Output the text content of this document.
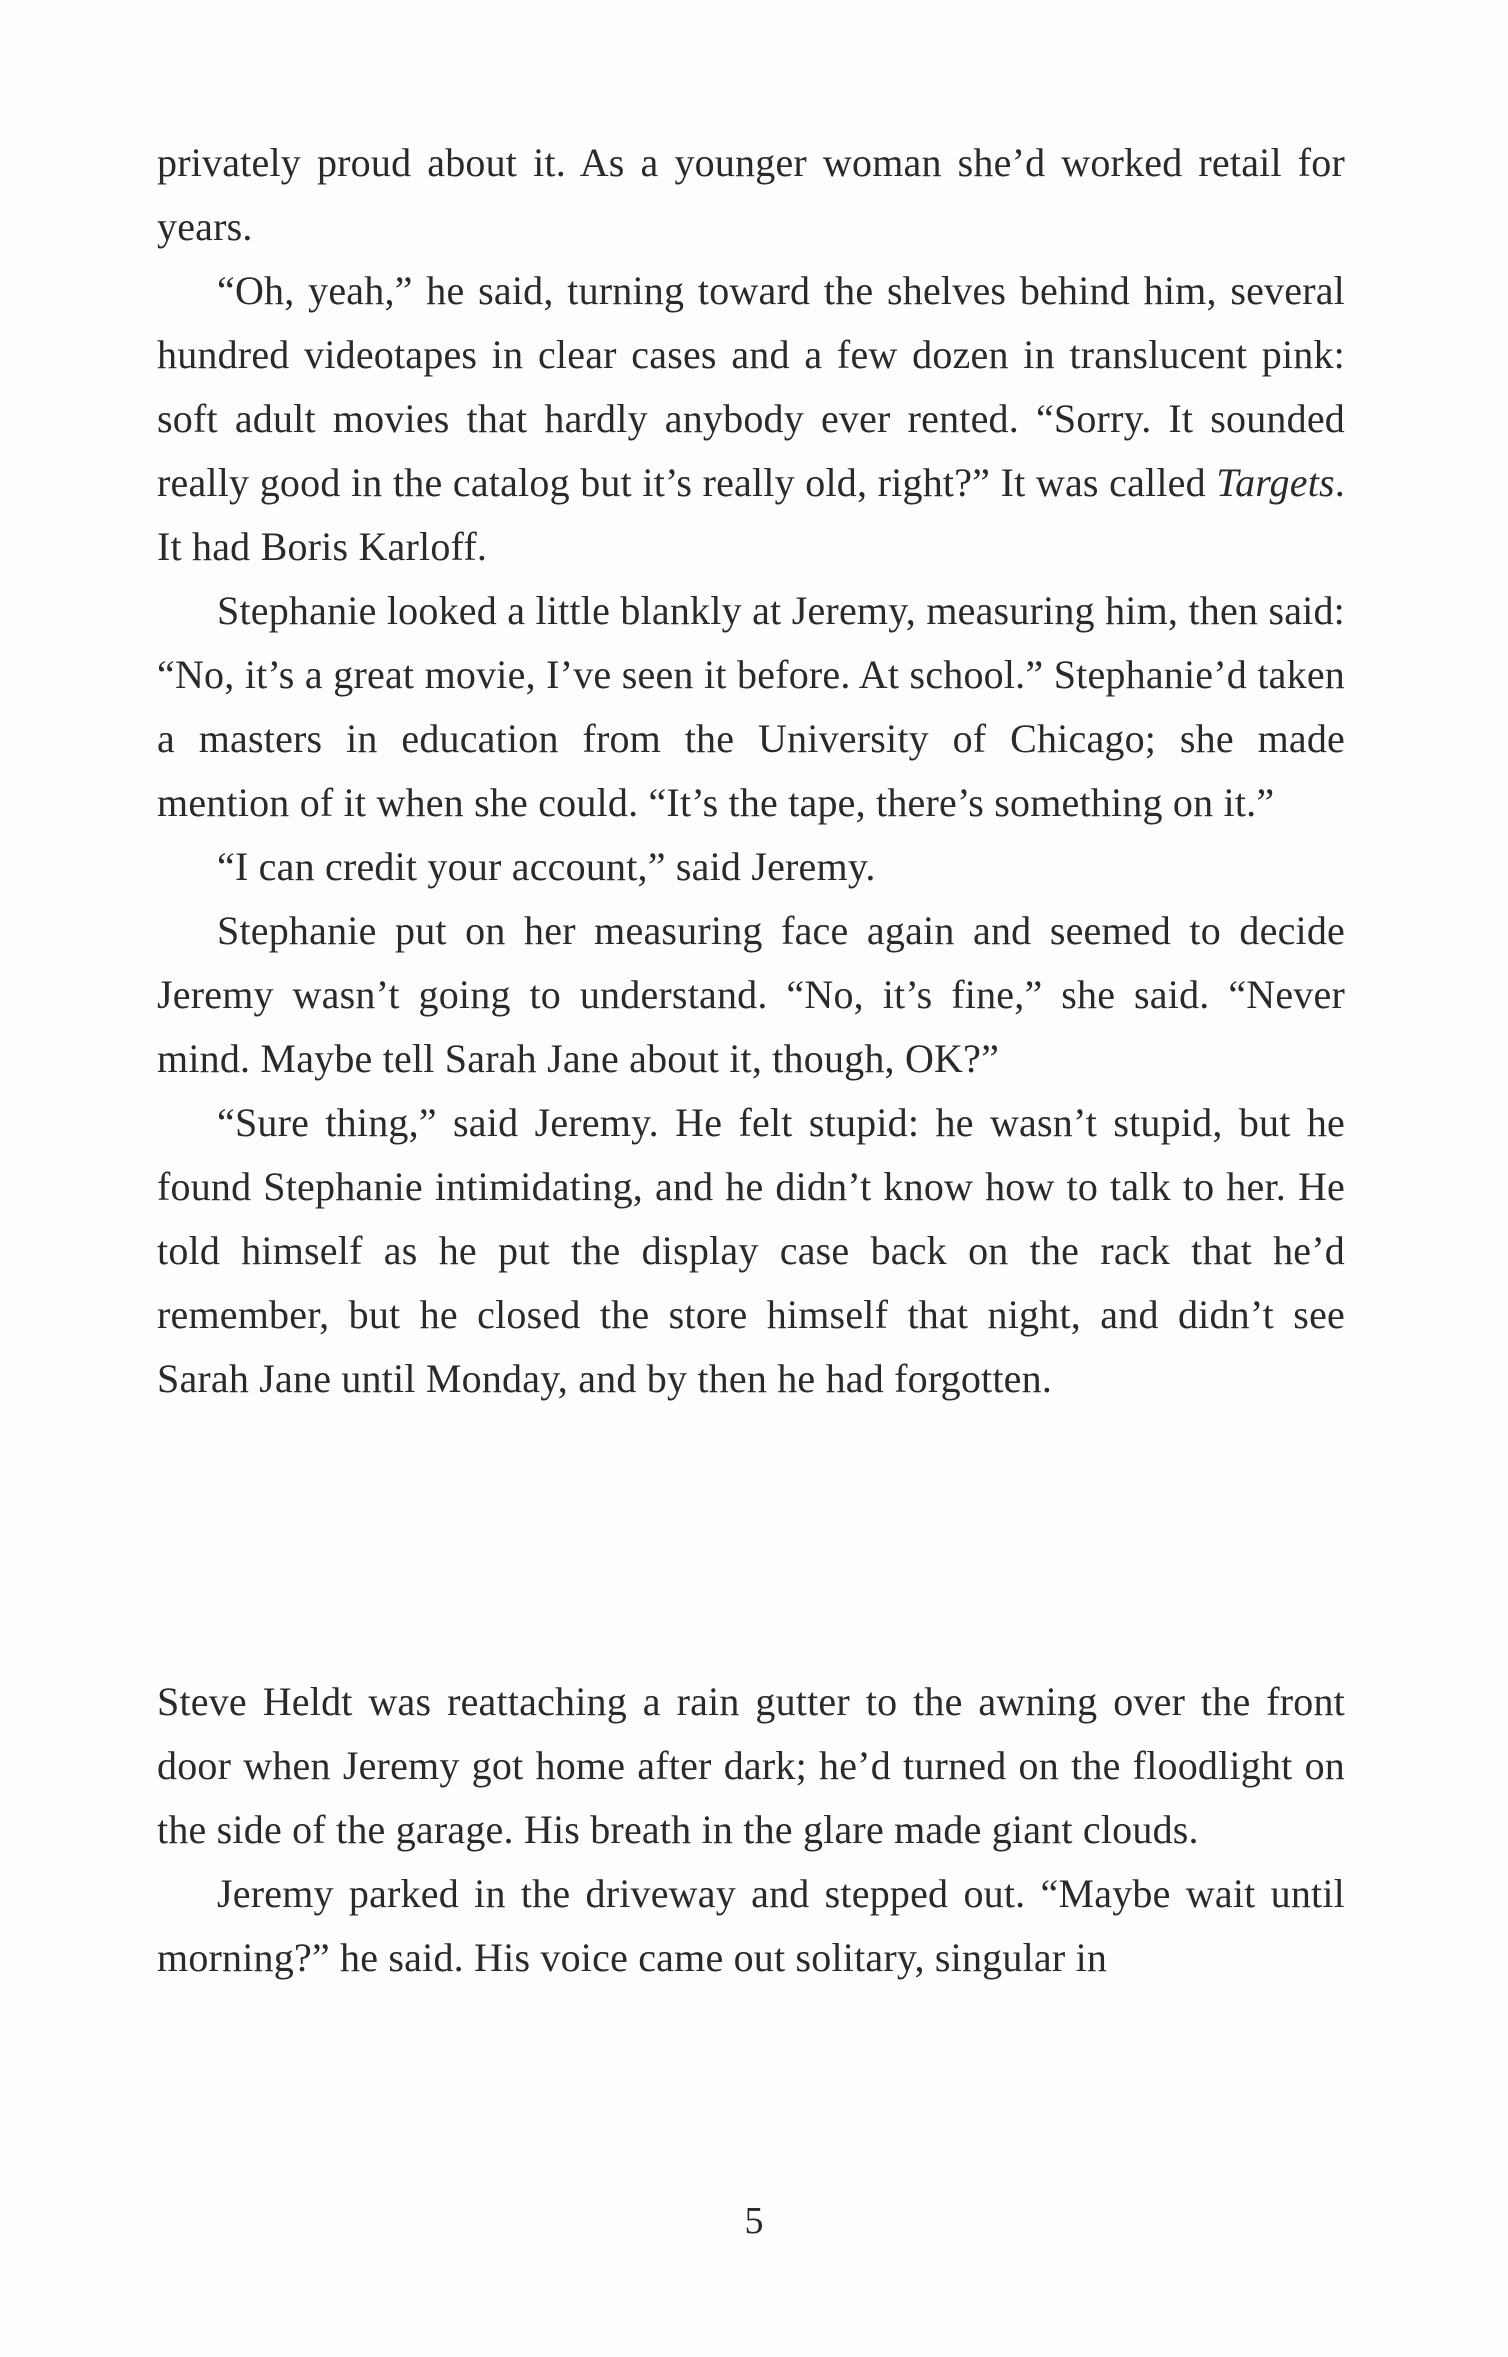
privately proud about it. As a younger woman she’d worked retail for years.

“Oh, yeah,” he said, turning toward the shelves behind him, several hundred videotapes in clear cases and a few dozen in translucent pink: soft adult movies that hardly anybody ever rented. “Sorry. It sounded really good in the catalog but it’s really old, right?” It was called Targets. It had Boris Karloff.

Stephanie looked a little blankly at Jeremy, measuring him, then said: “No, it’s a great movie, I’ve seen it before. At school.” Stephanie’d taken a masters in education from the University of Chicago; she made mention of it when she could. “It’s the tape, there’s something on it.”

“I can credit your account,” said Jeremy.

Stephanie put on her measuring face again and seemed to decide Jeremy wasn’t going to understand. “No, it’s fine,” she said. “Never mind. Maybe tell Sarah Jane about it, though, OK?”

“Sure thing,” said Jeremy. He felt stupid: he wasn’t stupid, but he found Stephanie intimidating, and he didn’t know how to talk to her. He told himself as he put the display case back on the rack that he’d remember, but he closed the store himself that night, and didn’t see Sarah Jane until Monday, and by then he had forgotten.

Steve Heldt was reattaching a rain gutter to the awning over the front door when Jeremy got home after dark; he’d turned on the floodlight on the side of the garage. His breath in the glare made giant clouds.

Jeremy parked in the driveway and stepped out. “Maybe wait until morning?” he said. His voice came out solitary, singular in

5
